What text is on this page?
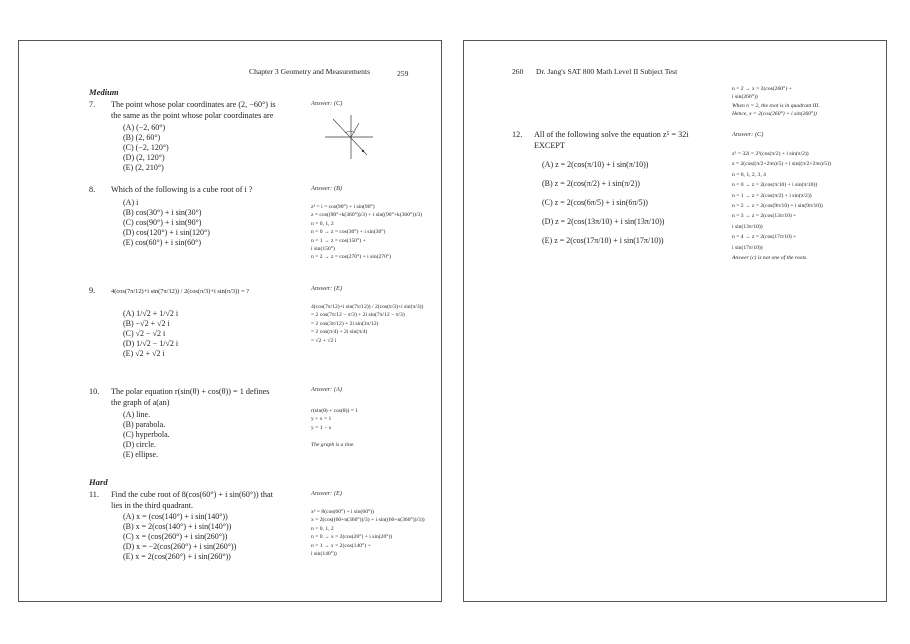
Chapter 3 Geometry and Measurements	259
Medium
7. The point whose polar coordinates are (2, −60°) is
the same as the point whose polar coordinates are
(A) (−2, 60°)
(B) (2, 60°)
(C) (−2, 120°)
(D) (2, 120°)
(E) (2, 210°)
Answer: (C)
8. Which of the following is a cube root of i ?
(A) i
(B) cos(30°) + i sin(30°)
(C) cos(90°) + i sin(90°)
(D) cos(120°) + i sin(120°)
(E) cos(60°) + i sin(60°)
Answer: (B)
z³ = i = cos(90°) + i sin(90°)
z = cos((90°+k(360°))/3) + i sin((90°+k(360°))/3)
n = 0, 1, 2
n = 0 → z = cos(30°) + i sin(30°)
n = 1 → z = cos(150°) +
i sin(150°)
n = 2 → z = cos(270°) + i sin(270°)
9. 4(cos(7π/12)+i sin(7π/12)) / 2(cos(π/3)+i sin(π/3)) = ?
(A) 1/√2 + 1/√2 i
(B) −√2 + √2 i
(C) √2 − √2 i
(D) 1/√2 − 1/√2 i
(E) √2 + √2 i
Answer: (E)
4(cos(7π/12)+i sin(7π/12)) / 2(cos(π/3)+i sin(π/3))
= 2 cos(7π/12 − π/3) + 2i sin(7π/12 − π/3)
= 2 cos(3π/12) + 2i sin(3π/12)
= 2 cos(π/4) + 2i sin(π/4)
= √2 + √2 i
10. The polar equation r(sin(θ) + cos(θ)) = 1 defines
the graph of a(an)
(A) line.
(B) parabola.
(C) hyperbola.
(D) circle.
(E) ellipse.
Answer: (A)
r(sin(θ) + cos(θ)) = 1
y + x = 1
y = 1 − x

The graph is a line.
Hard
11. Find the cube root of 8(cos(60°) + i sin(60°)) that
lies in the third quadrant.
(A) x = (cos(140°) + i sin(140°))
(B) x = 2(cos(140°) + i sin(140°))
(C) x = (cos(260°) + i sin(260°))
(D) x = −2(cos(260°) + i sin(260°))
(E) x = 2(cos(260°) + i sin(260°))
Answer: (E)
x³ = 8(cos(60°) + i sin(60°))
x = 2(cos((60+n(360°))/3) + i sin((60+n(360°))/3))
n = 0, 1, 2
n = 0 → x = 2(cos(20°) + i sin(20°))
n = 1 → x = 2(cos(140°) +
i sin(140°))
260 Dr. Jang's SAT 800 Math Level II Subject Test
n = 2 → x = 2(cos(260°) +
i sin(260°))
When n = 2, the root is in quadrant III.
Hence, x = 2(cos(260°) + i sin(260°))
12. All of the following solve the equation z⁵ = 32i
EXCEPT
(A) z = 2(cos(π/10) + i sin(π/10))
(B) z = 2(cos(π/2) + i sin(π/2))
(C) z = 2(cos(6π/5) + i sin(6π/5))
(D) z = 2(cos(13π/10) + i sin(13π/10))
(E) z = 2(cos(17π/10) + i sin(17π/10))
Answer: (C)
z⁵ = 32i = 2⁵(cos(π/2) + i sin(π/2))
z = 2(cos((π/2+2πn)/5) + i sin((π/2+2πn)/5))
n = 0, 1, 2, 3, 4
n = 0 → z = 2(cos(π/10) + i sin(π/10))
n = 1 → z = 2(cos(π/2) + i sin(π/2))
n = 2 → z = 2(cos(9π/10) + i sin(9π/10))
n = 3 → z = 2(cos(13π/10) +
i sin(13π/10))
n = 4 → z = 2(cos(17π/10) +
i sin(17π/10))
Answer (c) is not one of the roots.
